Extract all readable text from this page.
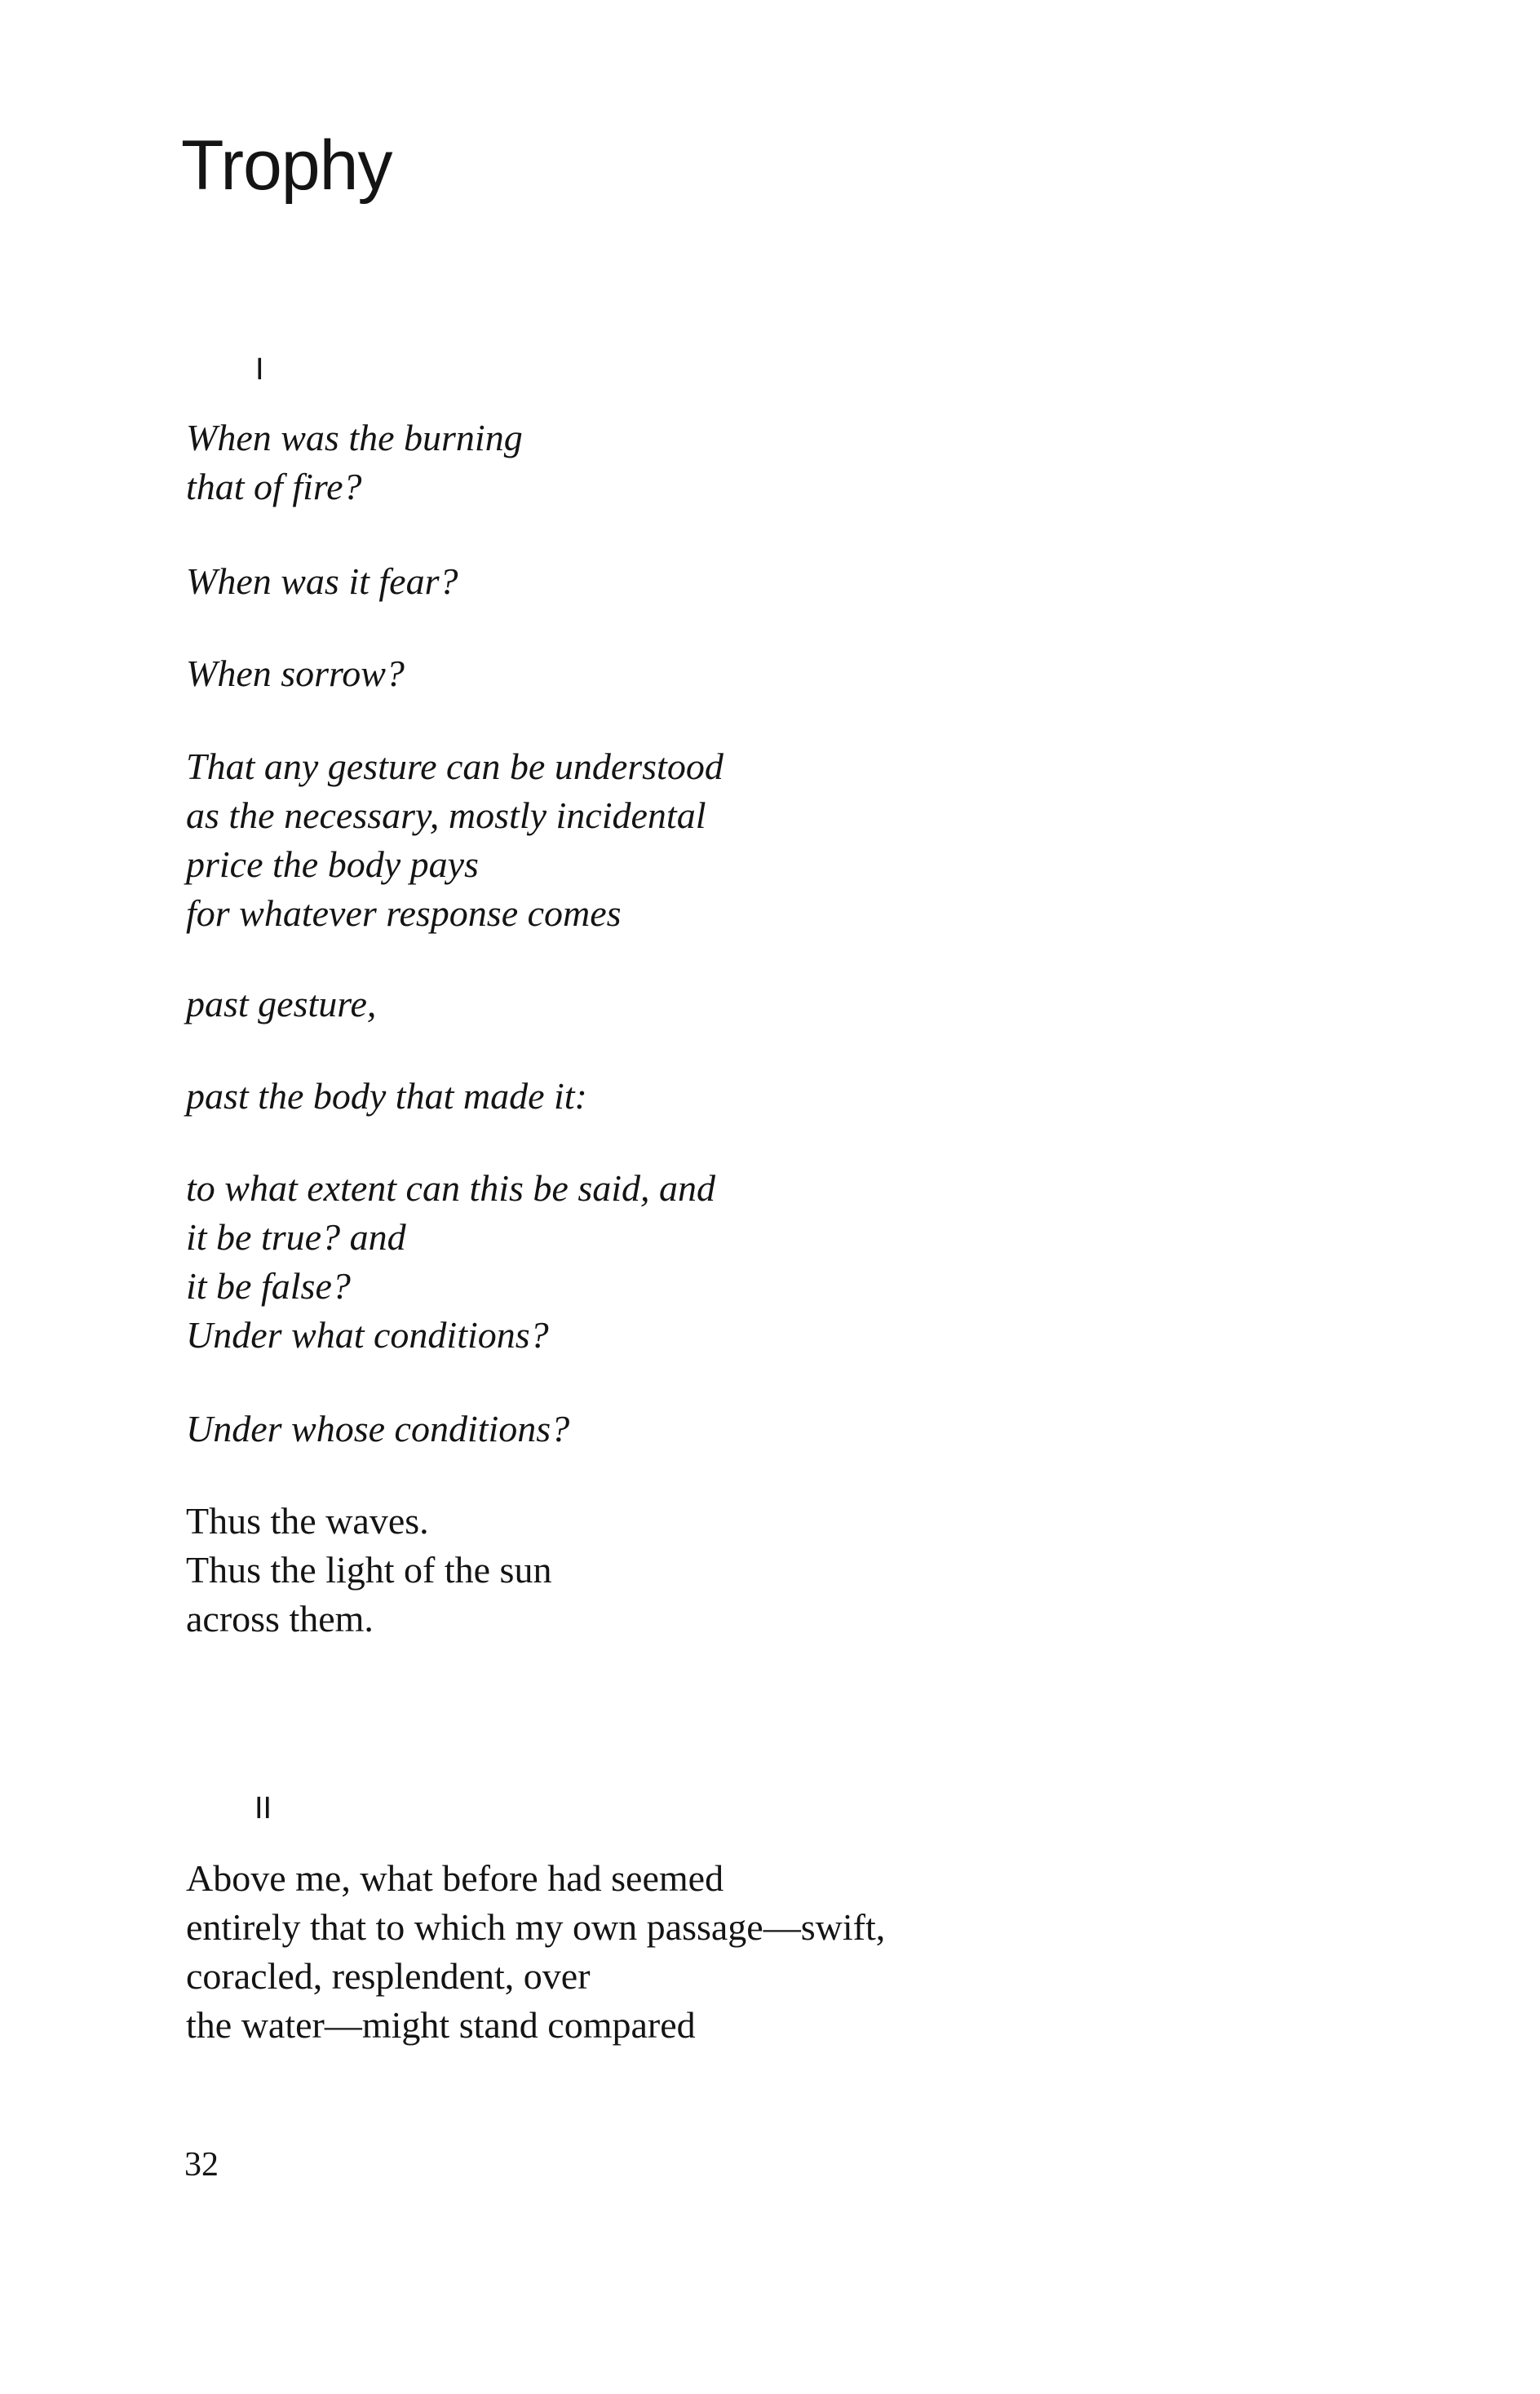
Trophy
I

When was the burning
that of fire?

When was it fear?

When sorrow?

That any gesture can be understood
as the necessary, mostly incidental
price the body pays
for whatever response comes

past gesture,

past the body that made it:

to what extent can this be said, and
it be true? and
it be false?
Under what conditions?

Under whose conditions?

Thus the waves.
Thus the light of the sun
across them.

II

Above me, what before had seemed
entirely that to which my own passage—swift,
coracled, resplendent, over
the water—might stand compared

32
